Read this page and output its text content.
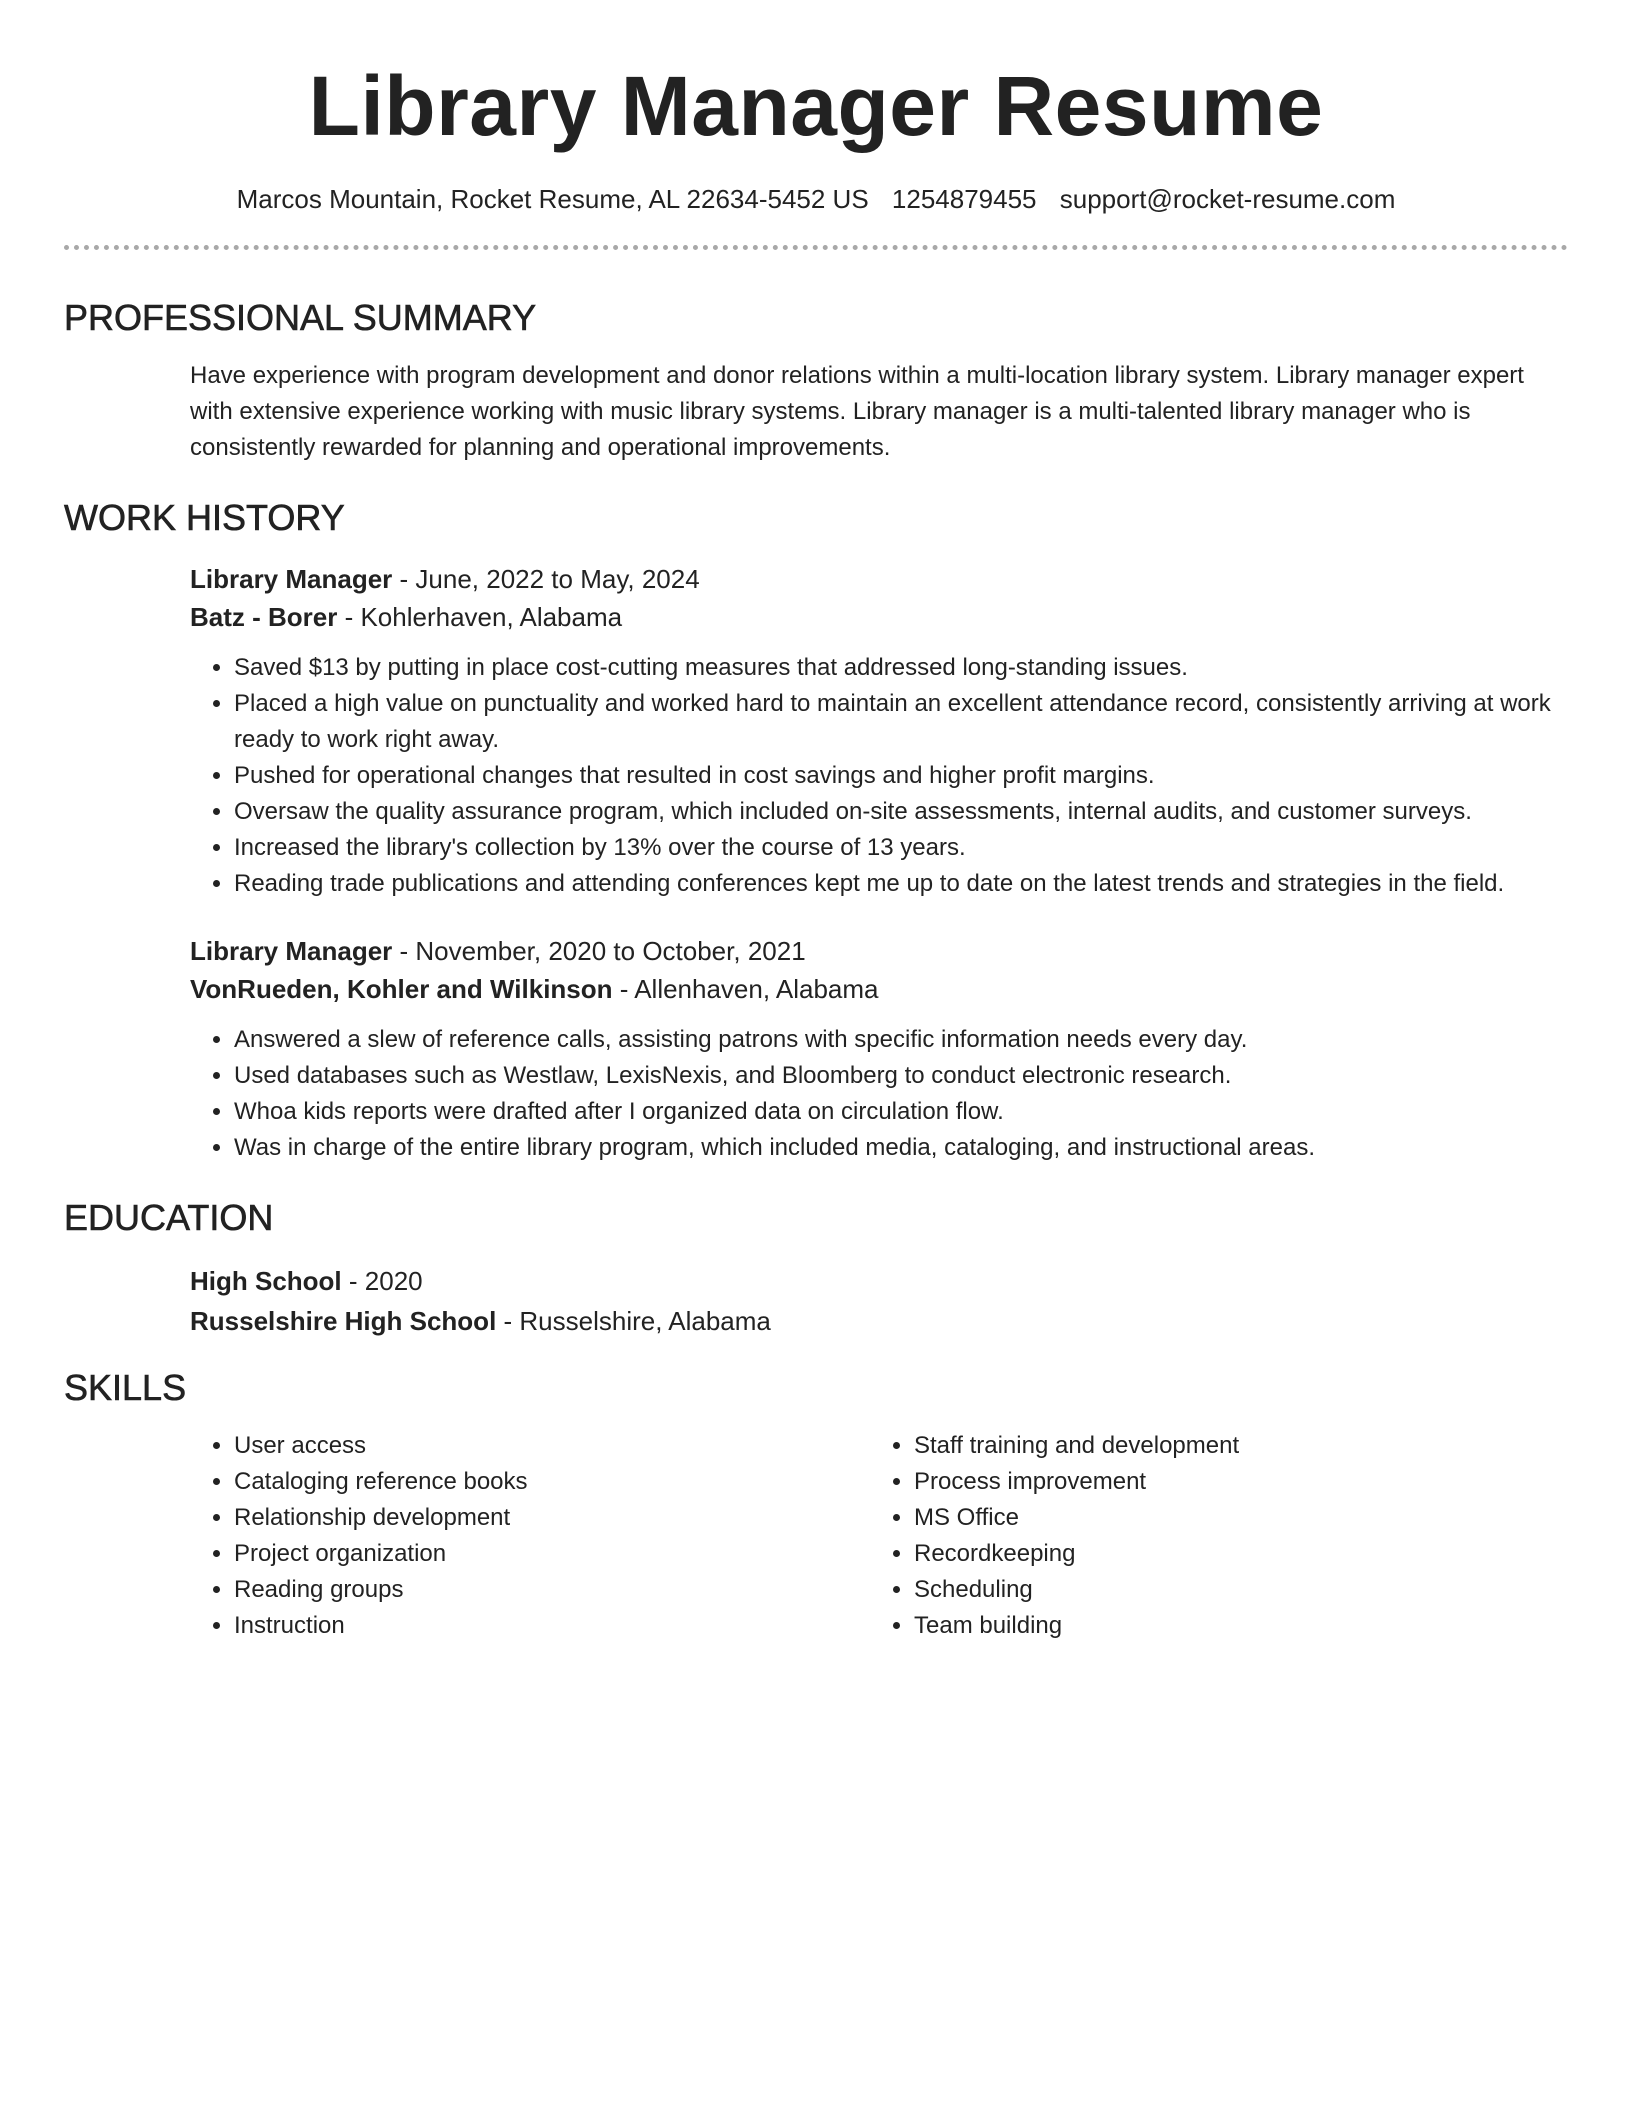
Library Manager Resume
Marcos Mountain, Rocket Resume, AL 22634-5452 US 1254879455 support@rocket-resume.com
PROFESSIONAL SUMMARY

Have experience with program development and donor relations within a multi-location library system. Library manager expert with extensive experience working with music library systems. Library manager is a multi-talented library manager who is consistently rewarded for planning and operational improvements.

WORK HISTORY
Library Manager - June, 2022 to May, 2024
Batz - Borer - Kohlerhaven, Alabama
• Saved $13 by putting in place cost-cutting measures that addressed long-standing issues.
• Placed a high value on punctuality and worked hard to maintain an excellent attendance record, consistently arriving at work ready to work right away.
• Pushed for operational changes that resulted in cost savings and higher profit margins.
• Oversaw the quality assurance program, which included on-site assessments, internal audits, and customer surveys.
• Increased the library's collection by 13% over the course of 13 years.
• Reading trade publications and attending conferences kept me up to date on the latest trends and strategies in the field.
Library Manager - November, 2020 to October, 2021
VonRueden, Kohler and Wilkinson - Allenhaven, Alabama
• Answered a slew of reference calls, assisting patrons with specific information needs every day.
• Used databases such as Westlaw, LexisNexis, and Bloomberg to conduct electronic research.
• Whoa kids reports were drafted after I organized data on circulation flow.
• Was in charge of the entire library program, which included media, cataloging, and instructional areas.
EDUCATION
High School - 2020
Russelshire High School - Russelshire, Alabama
SKILLS
• User access
• Cataloging reference books
• Relationship development
• Project organization
• Reading groups
• Instruction
• Staff training and development
• Process improvement
• MS Office
• Recordkeeping
• Scheduling
• Team building
